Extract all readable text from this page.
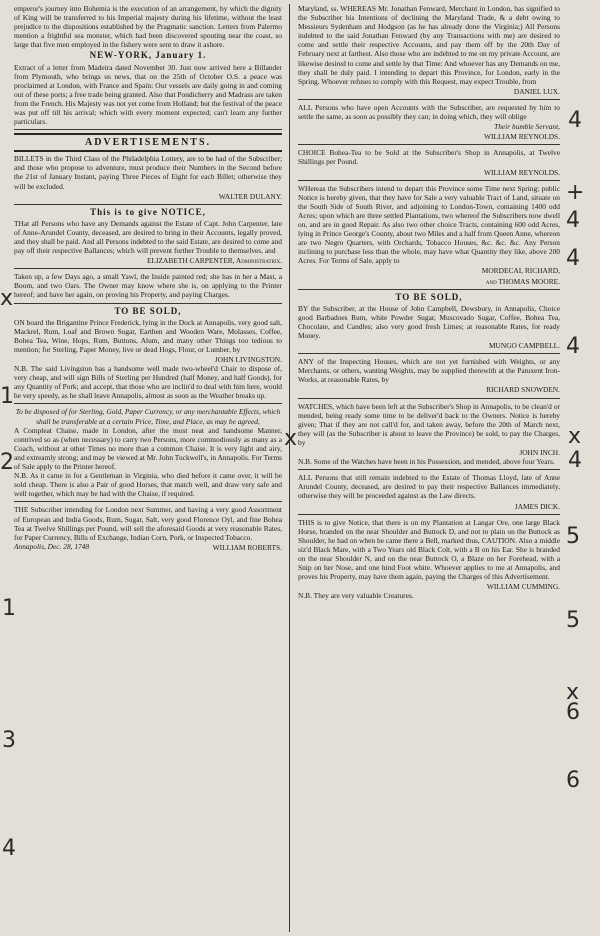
emperor's journey into Bohemia is the execution of an arrangement, by which the dignity of King will be transferred to his Imperial majesty during his lifetime, without the least prejudice to the dispositions established by the Pragmatic sanction. Letters from Palermo mention a frightful sea monster, which had been discovered spouting near the coast, so large that five men employed in the fishery were sent to draw it ashore.

NEW-YORK, January 1.

Extract of a letter from Madeira dated November 30. Just now arrived here a Billander from Plymouth, who brings us news, that on the 25th of October O.S. a peace was proclaimed at London, with France and Spain: Our vessels are daily going in and coming out of these ports; a free trade being granted. Also that Pondicherry and Madrass are taken from the French. His Majesty was not yet come from Holland; but the festival of the peace was put off till his arrival; which with every moment expected; can't learn any further particulars.

ADVERTISEMENTS.

BILLETS in the Third Class of the Philadelphia Lottery, are to be had of the Subscriber; and those who propose to adventure, must produce their Numbers in the Second before the 21st of January Instant, paying Three Pieces of Eight for each Billet; otherwise they will be excluded.

WALTER DULANY.
This is to give NOTICE,

THat all Persons who have any Demands against the Estate of Capt. John Carpenter, late of Anne-Arundel County, deceased, are desired to bring in their Accounts, legally proved, and they shall be paid. And all Persons indebted to the said Estate, are desired to come and pay off their respective Ballances; which will prevent further Trouble to themselves, and

ELIZABETH CARPENTER, Administratrix.

Taken up, a few Days ago, a small Yawl, the Inside painted red; she has in her a Mast, a Boom, and two Oars. The Owner may know where she is, on applying to the Printer hereof; and have her again, on proving his Property, and paying Charges.

TO BE SOLD,

ON board the Brigantine Prince Frederick, lying in the Dock at Annapolis, very good salt, Mackrel, Rum, Loaf and Brown Sugar, Earthen and Wooden Ware, Molasses, Coffee, Bohea Tea, Wine, Hops, Rum, Buttons, Alum, and many other Things too tedious to mention; for Sterling, Paper Money, live or dead Hogs, Flour, or Lumber, by

JOHN LIVINGSTON.

N.B. The said Livingston has a handsome well made two-wheel'd Chair to dispose of, very cheap, and will sign Bills of Sterling per Hundred (half Money, and half Goods), for any Quantity of Pork; and accept, that those who are inclin'd to deal with him here, would be very speedy, as he shall leave Annapolis, almost as soon as the Weather breaks up.

To be disposed of for Sterling, Gold, Paper Currency, or any merchantable Effects, which shall be transferable at a certain Price, Time, and Place, as may be agreed,

A Compleat Chaise, made in London, after the most neat and handsome Manner, contrived so as (when necessary) to carry two Persons, more commodiously as many as a Coach, without at other Times no more than a common Chaise. It is very light and airy, and extreamly strong; and may be viewed at Mr. John Tuckwell's, in Annapolis. For Terms of Sale apply to the Printer hereof.

N.B. As it came in for a Gentleman in Virginia, who died before it came over, it will be sold cheap. There is also a Pair of good Horses, that match well, and draw very safe and well together, which may be had with the Chaise, if required.

THE Subscriber intending for London next Summer, and having a very good Assortment of European and India Goods, Rum, Sugar, Salt, very good Florence Oyl, and fine Bohea Tea at Twelve Shillings per Pound, will sell the aforesaid Goods at very reasonable Rates, for Paper Currency, Bills of Exchange, Indian Corn, Pork, or Inspected Tobacco.

Annapolis, Dec. 28, 1748	WILLIAM ROBERTS.

Maryland, ss. WHEREAS Mr. Jonathan Fenward, Merchant in London, has signified to the Subscriber his Intentions of declining the Maryland Trade, & a debt owing to Messieurs Sydenham and Hodgson (as he has already done the Virginia;) All Persons indebted to the said Jonathan Fenward (by any Transactions with me) are desired to come and settle their respective Accounts, and pay them off by the 20th Day of February next at farthest. Also those who are indebted to me on my private Account, are likewise desired to come and settle by that Time: And whoever has any Demands on me, they shall be duly paid. I intending to depart this Province, for London, early in the Spring. Whoever refuses to comply with this Request, may expect Trouble, from

DANIEL LUX.

ALL Persons who have open Accounts with the Subscriber, are requested by him to settle the same, as soon as possibly they can; in doing which, they will oblige

Their humble Servant,
WILLIAM REYNOLDS.

CHOICE Bohea-Tea to be Sold at the Subscriber's Shop in Annapolis, at Twelve Shillings per Pound.

WILLIAM REYNOLDS.

WHereas the Subscribers intend to depart this Province some Time next Spring; public Notice is hereby given, that they have for Sale a very valuable Tract of Land, situate on the South Side of South River, and adjoining to London-Town, containing 1400 odd Acres; upon which are three settled Plantations, two whereof the Subscribers now dwell on, and are in good Repair. As also two other choice Tracts, containing 600 odd Acres, lying in Prince George's County, about two Miles and a half from Queen Anne, whereon are two Negro Quarters, with Orchards, Tobacco Houses, &c. &c. &c. Any Person inclining to purchase less than the whole, may have what Quantity they like, above 200 Acres. For Terms of Sale, apply to

MORDECAI, RICHARD,
and THOMAS MOORE.
TO BE SOLD,

BY the Subscriber, at the House of John Campbell, Dewsbury, in Annapolis, Choice good Barbadoes Rum, white Powder Sugar, Muscovado Sugar, Coffee, Bohea Tea, Chocolate, and Candles; also very good fresh Limes; at reasonable Rates, for ready Money.

MUNGO CAMPBELL.

ANY of the Inspecting Houses, which are not yet furnished with Weights, or any Merchants, or others, wanting Weights, may be supplied therewith at the Patuxent Iron-Works, at reasonable Rates, by

RICHARD SNOWDEN.

WATCHES, which have been left at the Subscriber's Shop in Annapolis, to be clean'd or mended, being ready some time to be deliver'd back to the Owners. Notice is hereby given; That if they are not call'd for, and taken away, before the 20th of March next, they will (as the Subscriber is about to leave the Province) be sold, to pay the Charges, by

JOHN INCH.

N.B. Some of the Watches have been in his Possession, and mended, above four Years.

ALL Persons that still remain indebted to the Estate of Thomas Lloyd, late of Anne Arundel County, deceased, are desired to pay their respective Ballances immediately, otherwise they will be proceeded against as the Law directs.

JAMES DICK.

THIS is to give Notice, that there is on my Plantation at Langar Ore, one large Black Horse, branded on the near Shoulder and Buttock D, and not to plain on the Buttock as Shoulder, he had on when he came there a Bell, marked thus, CAUTION. Also a middle siz'd Black Mare, with a Two Years old Black Colt, with a B on his Ear. She is branded on the near Shoulder N, and on the near Buttock O, a Blaze on her Forehead, with a Snip on her Nose, and one hind Foot white. Whoever applies to me at Annapolis, and proves his Property, may have them again, paying the Charges of this Advertisement.

WILLIAM CUMMING.

N.B. They are very valuable Creatures.

4
+
4
4
4
x
4
5
5
x
6
6
x
1
2
x
1
3
4
